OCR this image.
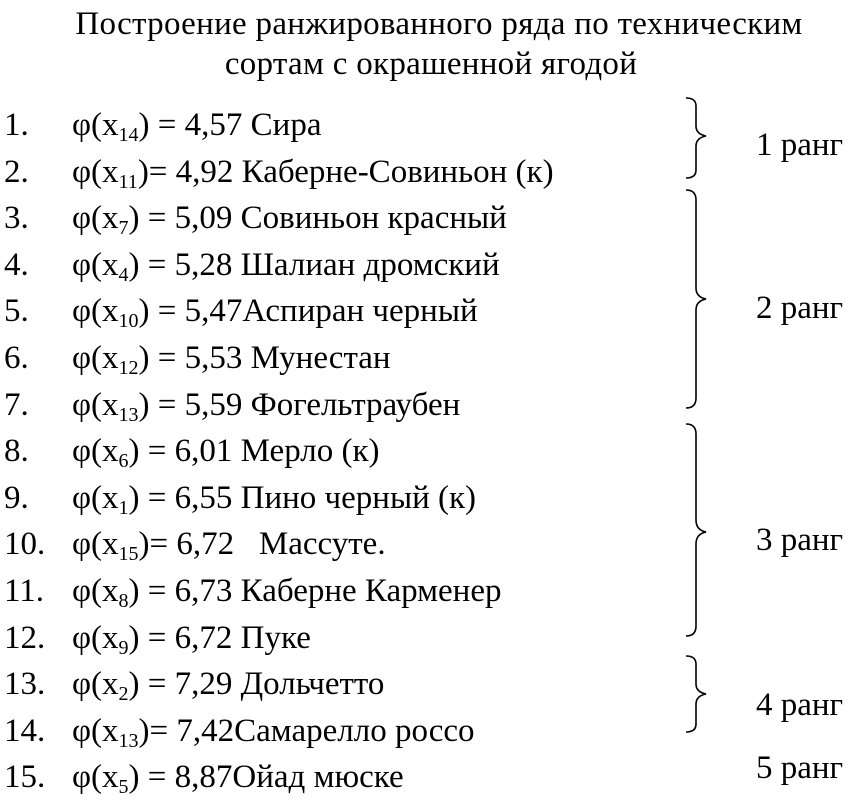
Построение ранжированного ряда по техническим
сортам с окрашенной ягодой
1. $\varphi(x_{14}) = 4,57$ Сира
2. $\varphi(x_{11})= 4,92$ Каберне-Совиньон (к)
3. $\varphi(x_7) = 5,09$ Совиньон красный
4. $\varphi(x_4) = 5,28$ Шалиан дромский
5. $\varphi(x_{10})$ = 5,47Аспиран черный
6. $\varphi(x_{12}) = 5,53$ Мунестан
7. $\varphi(x_{13}) = 5,59$ Фогельтраубен
8. $\varphi(x_6) = 6,01$ Мерло (к)
9. $\varphi(x_1) = 6,55$ Пино черный (к)
10. $\varphi(x_{15})= 6,72$   Массуте.
11. $\varphi(x_8) = 6,73$ Каберне Карменер
12. $\varphi(x_9) = 6,72$ Пуке
13. $\varphi(x_2) = 7,29$ Дольчетто
14. $\varphi(x_{13})=$ 7,42Самарелло россо
15. $\varphi(x_5)$ = 8,87Ойад мюске
1 ранг
2 ранг
3 ранг
4 ранг
5 ранг
